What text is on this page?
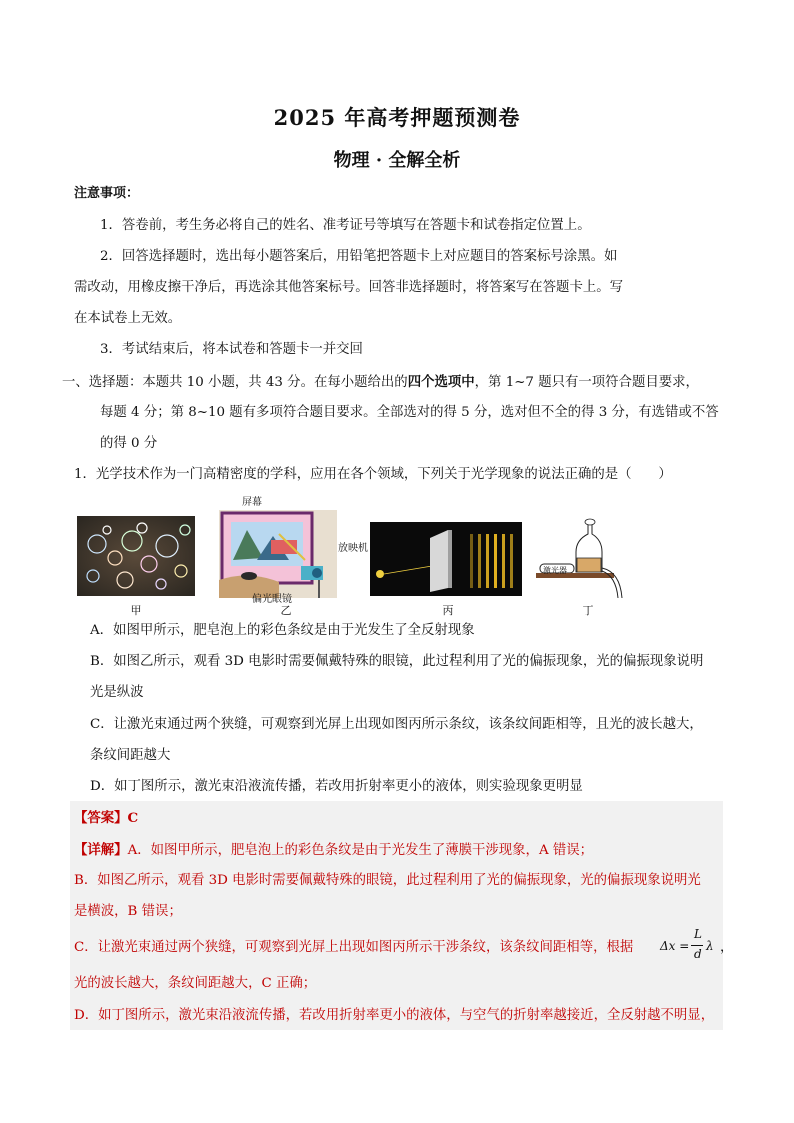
2025 年高考押题预测卷
物理 · 全解全析
注意事项：
1．答卷前，考生务必将自己的姓名、准考证号等填写在答题卡和试卷指定位置上。
2．回答选择题时，选出每小题答案后，用铅笔把答题卡上对应题目的答案标号涂黑。如
需改动，用橡皮擦干净后，再选涂其他答案标号。回答非选择题时，将答案写在答题卡上。写
在本试卷上无效。
3．考试结束后，将本试卷和答题卡一并交回
一、选择题：本题共 10 小题，共 43 分。在每小题给出的四个选项中，第 1~7 题只有一项符合题目要求，
每题 4 分；第 8~10 题有多项符合题目要求。全部选对的得 5 分，选对但不全的得 3 分，有选错或不答
的得 0 分
1．光学技术作为一门高精密度的学科，应用在各个领域，下列关于光学现象的说法正确的是（　　）
甲
屏幕
偏光眼镜
乙
放映机
丙
激光器
丁
A．如图甲所示，肥皂泡上的彩色条纹是由于光发生了全反射现象
B．如图乙所示，观看 3D 电影时需要佩戴特殊的眼镜，此过程利用了光的偏振现象，光的偏振现象说明
光是纵波
C．让激光束通过两个狭缝，可观察到光屏上出现如图丙所示条纹，该条纹间距相等，且光的波长越大，
条纹间距越大
D．如丁图所示，激光束沿液流传播，若改用折射率更小的液体，则实验现象更明显
【答案】C
【详解】A．如图甲所示，肥皂泡上的彩色条纹是由于光发生了薄膜干涉现象，A 错误；
B．如图乙所示，观看 3D 电影时需要佩戴特殊的眼镜，此过程利用了光的偏振现象，光的偏振现象说明光
是横波，B 错误；
C．让激光束通过两个狭缝，可观察到光屏上出现如图丙所示干涉条纹，该条纹间距相等，根据 Δx =
L
d
λ ，
光的波长越大，条纹间距越大，C 正确；
D．如丁图所示，激光束沿液流传播，若改用折射率更小的液体，与空气的折射率越接近，全反射越不明显，
